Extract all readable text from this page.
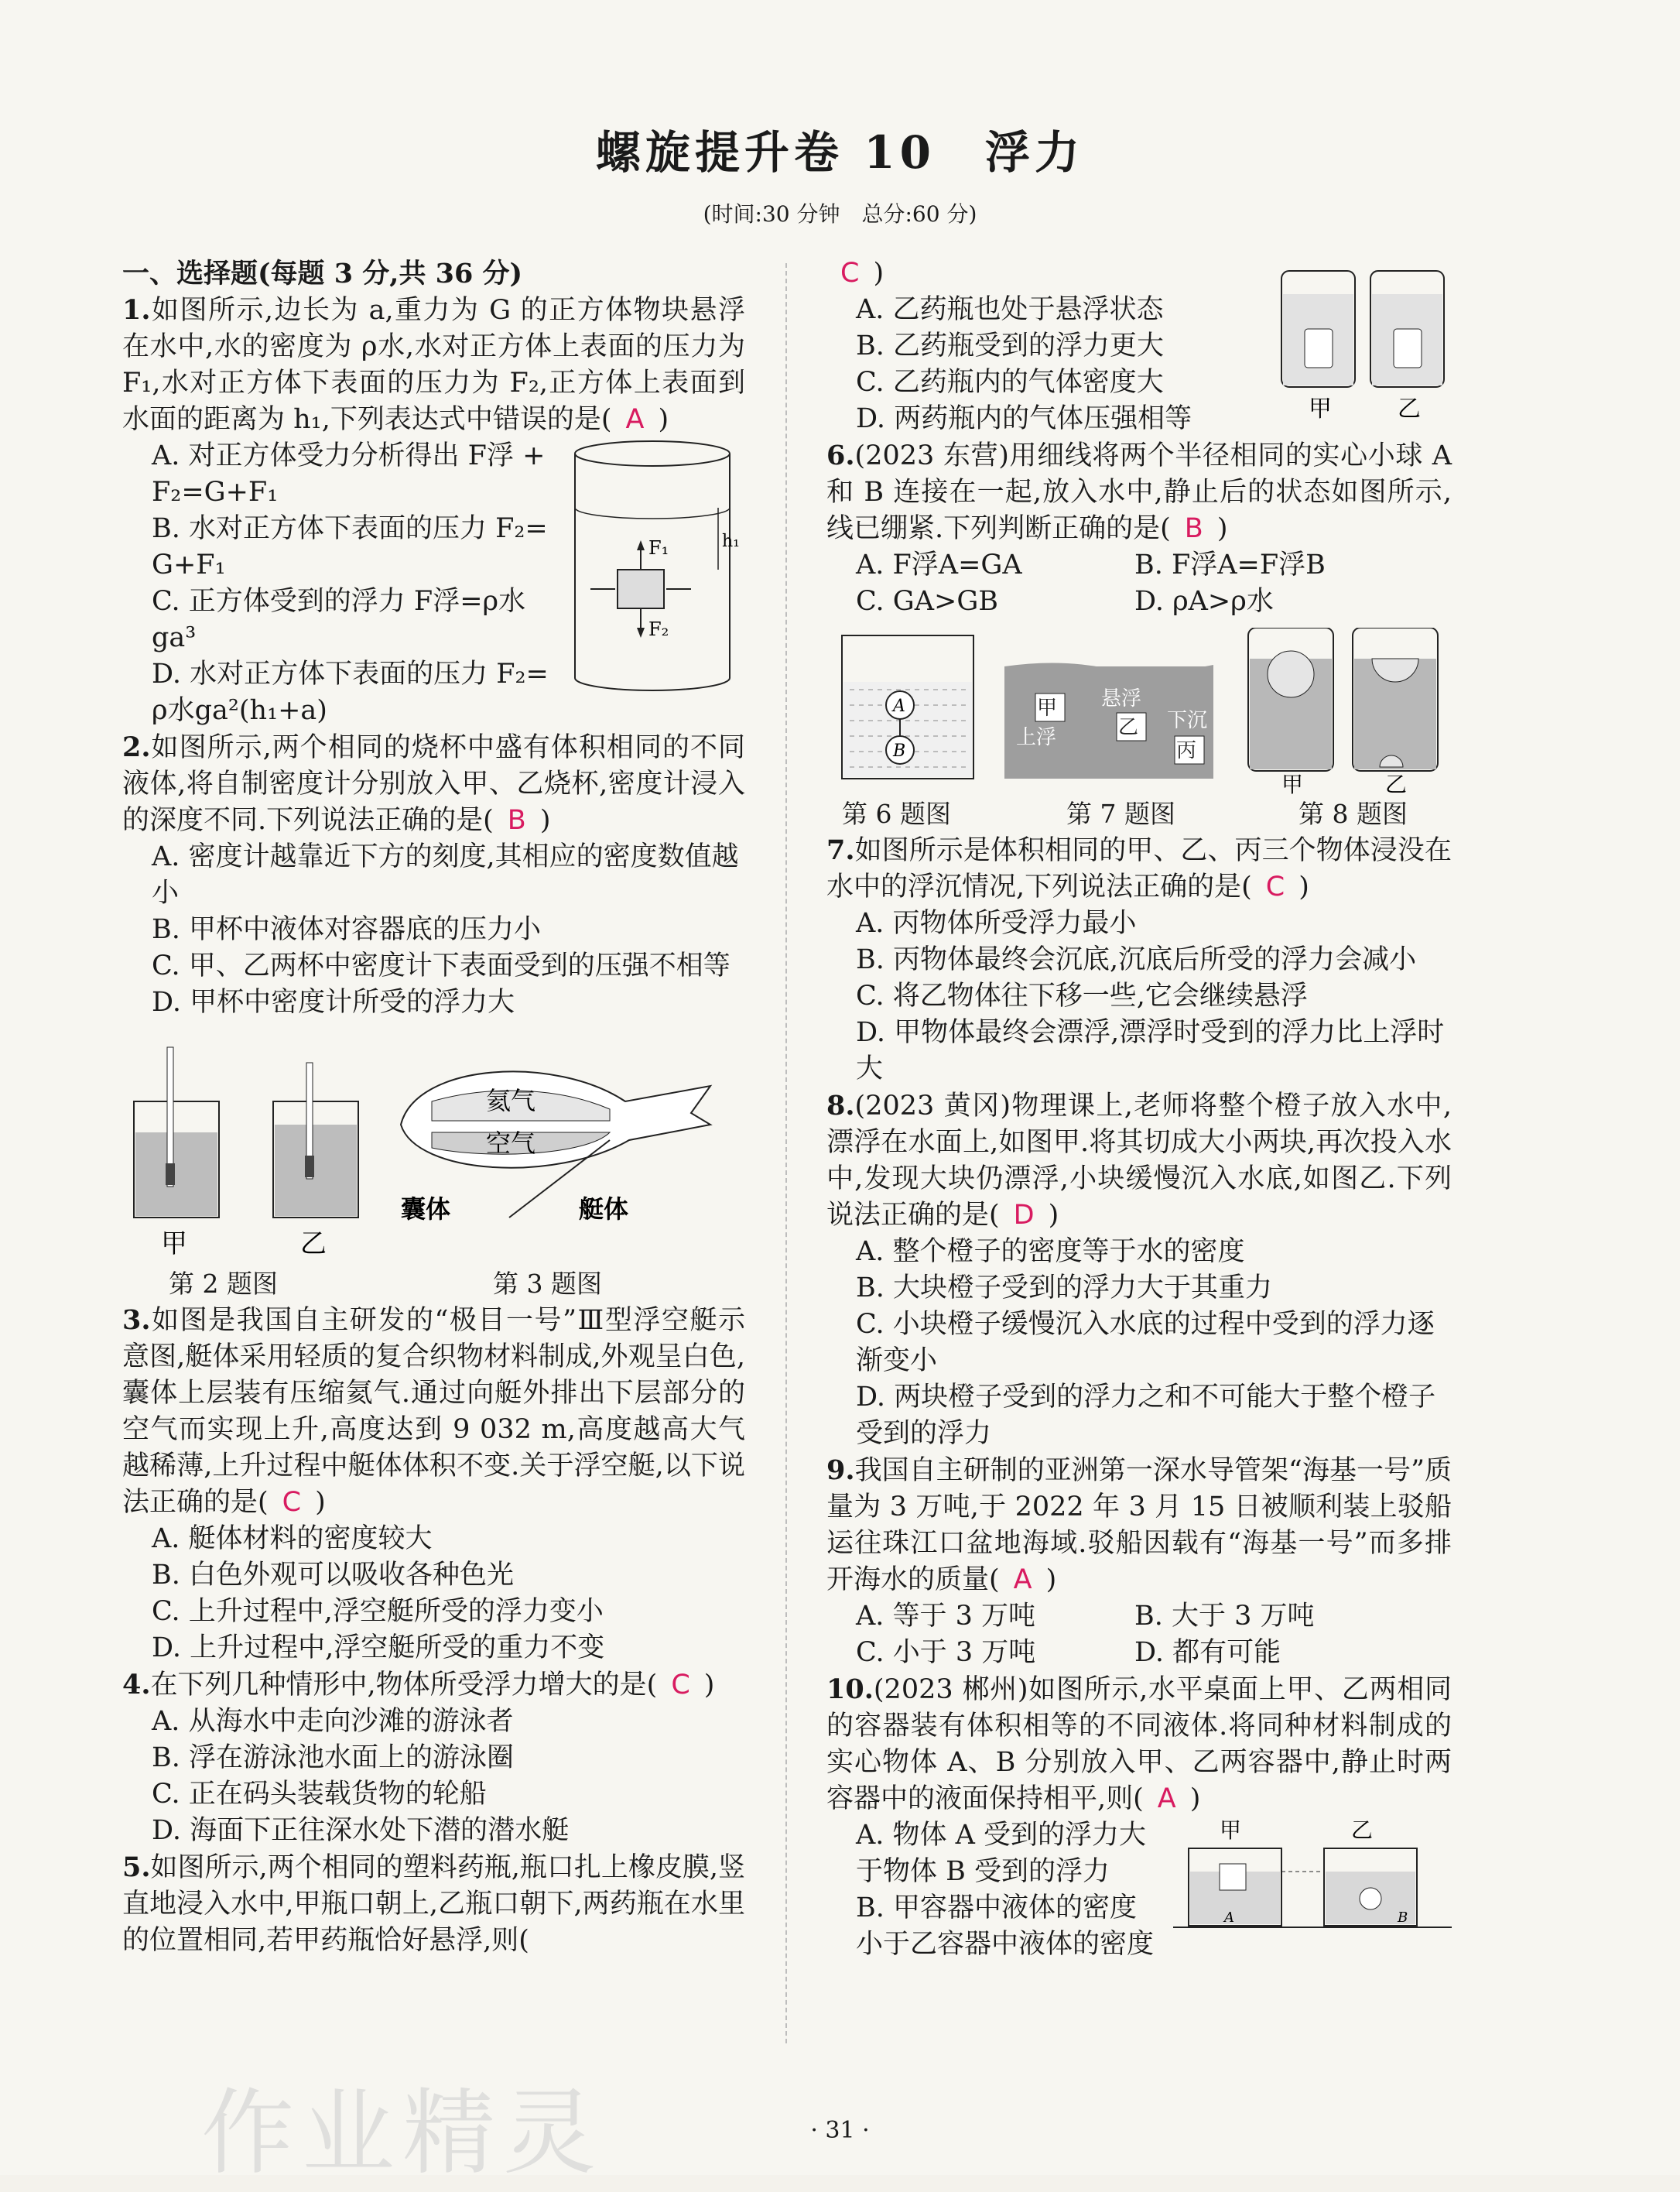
螺旋提升卷 10　浮力
(时间:30 分钟　总分:60 分)

一、选择题(每题 3 分,共 36 分)

1.如图所示,边长为 a,重力为 G 的正方体物块悬浮在水中,水的密度为 ρ水,水对正方体上表面的压力为 F₁,水对正方体下表面的压力为 F₂,正方体上表面到水面的距离为 h₁,下列表达式中错误的是( A )

F₁	h₁
F₂

A. 对正方体受力分析得出 F浮 + F₂=G+F₁

B. 水对正方体下表面的压力 F₂= G+F₁

C. 正方体受到的浮力 F浮=ρ水ga³

D. 水对正方体下表面的压力 F₂= ρ水ga²(h₁+a)

2.如图所示,两个相同的烧杯中盛有体积相同的不同液体,将自制密度计分别放入甲、乙烧杯,密度计浸入的深度不同.下列说法正确的是( B )

A. 密度计越靠近下方的刻度,其相应的密度数值越小

B. 甲杯中液体对容器底的压力小

C. 甲、乙两杯中密度计下表面受到的压强不相等

D. 甲杯中密度计所受的浮力大

甲	乙
氦气
空气
囊体	艇体
第 2 题图	第 3 题图

3.如图是我国自主研发的“极目一号”Ⅲ型浮空艇示意图,艇体采用轻质的复合织物材料制成,外观呈白色,囊体上层装有压缩氦气.通过向艇外排出下层部分的空气而实现上升,高度达到 9 032 m,高度越高大气越稀薄,上升过程中艇体体积不变.关于浮空艇,以下说法正确的是( C )

A. 艇体材料的密度较大

B. 白色外观可以吸收各种色光

C. 上升过程中,浮空艇所受的浮力变小

D. 上升过程中,浮空艇所受的重力不变

4.在下列几种情形中,物体所受浮力增大的是( C )

A. 从海水中走向沙滩的游泳者

B. 浮在游泳池水面上的游泳圈

C. 正在码头装载货物的轮船

D. 海面下正往深水处下潜的潜水艇

5.如图所示,两个相同的塑料药瓶,瓶口扎上橡皮膜,竖直地浸入水中,甲瓶口朝上,乙瓶口朝下,两药瓶在水里的位置相同,若甲药瓶恰好悬浮,则(

甲	乙

C )

A. 乙药瓶也处于悬浮状态

B. 乙药瓶受到的浮力更大

C. 乙药瓶内的气体密度大

D. 两药瓶内的气体压强相等

6.(2023 东营)用细线将两个半径相同的实心小球 A 和 B 连接在一起,放入水中,静止后的状态如图所示,线已绷紧.下列判断正确的是( B )

A. F浮A=GA	B. F浮A=F浮B
C. GA>GB	D. ρA>ρ水
A
B
甲 悬浮
乙 下沉
上浮
丙
甲	乙
第 6 题图	第 7 题图	第 8 题图

7.如图所示是体积相同的甲、乙、丙三个物体浸没在水中的浮沉情况,下列说法正确的是( C )

A. 丙物体所受浮力最小

B. 丙物体最终会沉底,沉底后所受的浮力会减小

C. 将乙物体往下移一些,它会继续悬浮

D. 甲物体最终会漂浮,漂浮时受到的浮力比上浮时大

8.(2023 黄冈)物理课上,老师将整个橙子放入水中,漂浮在水面上,如图甲.将其切成大小两块,再次投入水中,发现大块仍漂浮,小块缓慢沉入水底,如图乙.下列说法正确的是( D )

A. 整个橙子的密度等于水的密度

B. 大块橙子受到的浮力大于其重力

C. 小块橙子缓慢沉入水底的过程中受到的浮力逐渐变小

D. 两块橙子受到的浮力之和不可能大于整个橙子受到的浮力

9.我国自主研制的亚洲第一深水导管架“海基一号”质量为 3 万吨,于 2022 年 3 月 15 日被顺利装上驳船运往珠江口盆地海域.驳船因载有“海基一号”而多排开海水的质量( A )

A. 等于 3 万吨	B. 大于 3 万吨
C. 小于 3 万吨	D. 都有可能

10.(2023 郴州)如图所示,水平桌面上甲、乙两相同的容器装有体积相等的不同液体.将同种材料制成的实心物体 A、B 分别放入甲、乙两容器中,静止时两容器中的液面保持相平,则( A )

甲	乙
A	B

A. 物体 A 受到的浮力大于物体 B 受到的浮力

B. 甲容器中液体的密度小于乙容器中液体的密度

作业精灵	· 31 ·
